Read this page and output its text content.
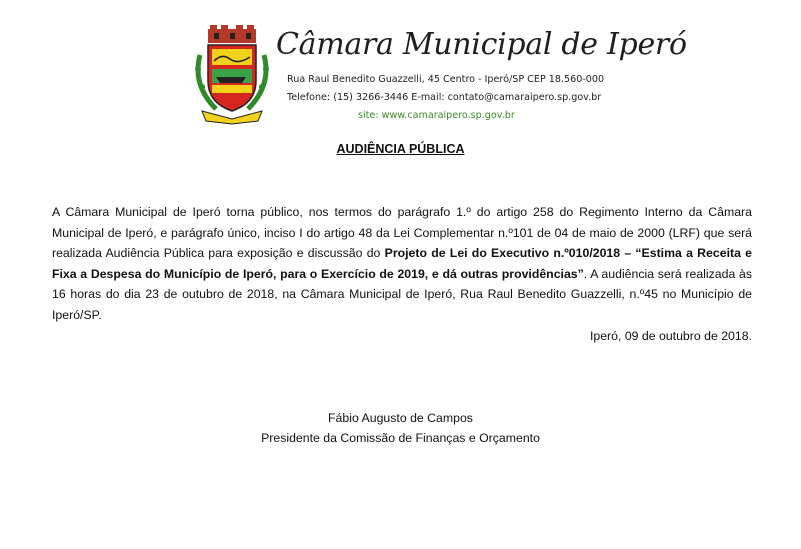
Câmara Municipal de Iperó
Rua Raul Benedito Guazzelli, 45 Centro - Iperó/SP CEP 18.560-000
Telefone: (15) 3266-3446 E-mail: contato@camaraipero.sp.gov.br
site: www.camaraipero.sp.gov.br
AUDIÊNCIA PÚBLICA

A Câmara Municipal de Iperó torna público, nos termos do parágrafo 1.º do artigo 258 do Regimento Interno da Câmara Municipal de Iperó, e parágrafo único, inciso I do artigo 48 da Lei Complementar n.º101 de 04 de maio de 2000 (LRF) que será realizada Audiência Pública para exposição e discussão do Projeto de Lei do Executivo n.º010/2018 – “Estima a Receita e Fixa a Despesa do Município de Iperó, para o Exercício de 2019, e dá outras providências”. A audiência será realizada às 16 horas do dia 23 de outubro de 2018, na Câmara Municipal de Iperó, Rua Raul Benedito Guazzelli, n.º45 no Município de Iperó/SP.

Iperó, 09 de outubro de 2018.
Fábio Augusto de Campos
Presidente da Comissão de Finanças e Orçamento
